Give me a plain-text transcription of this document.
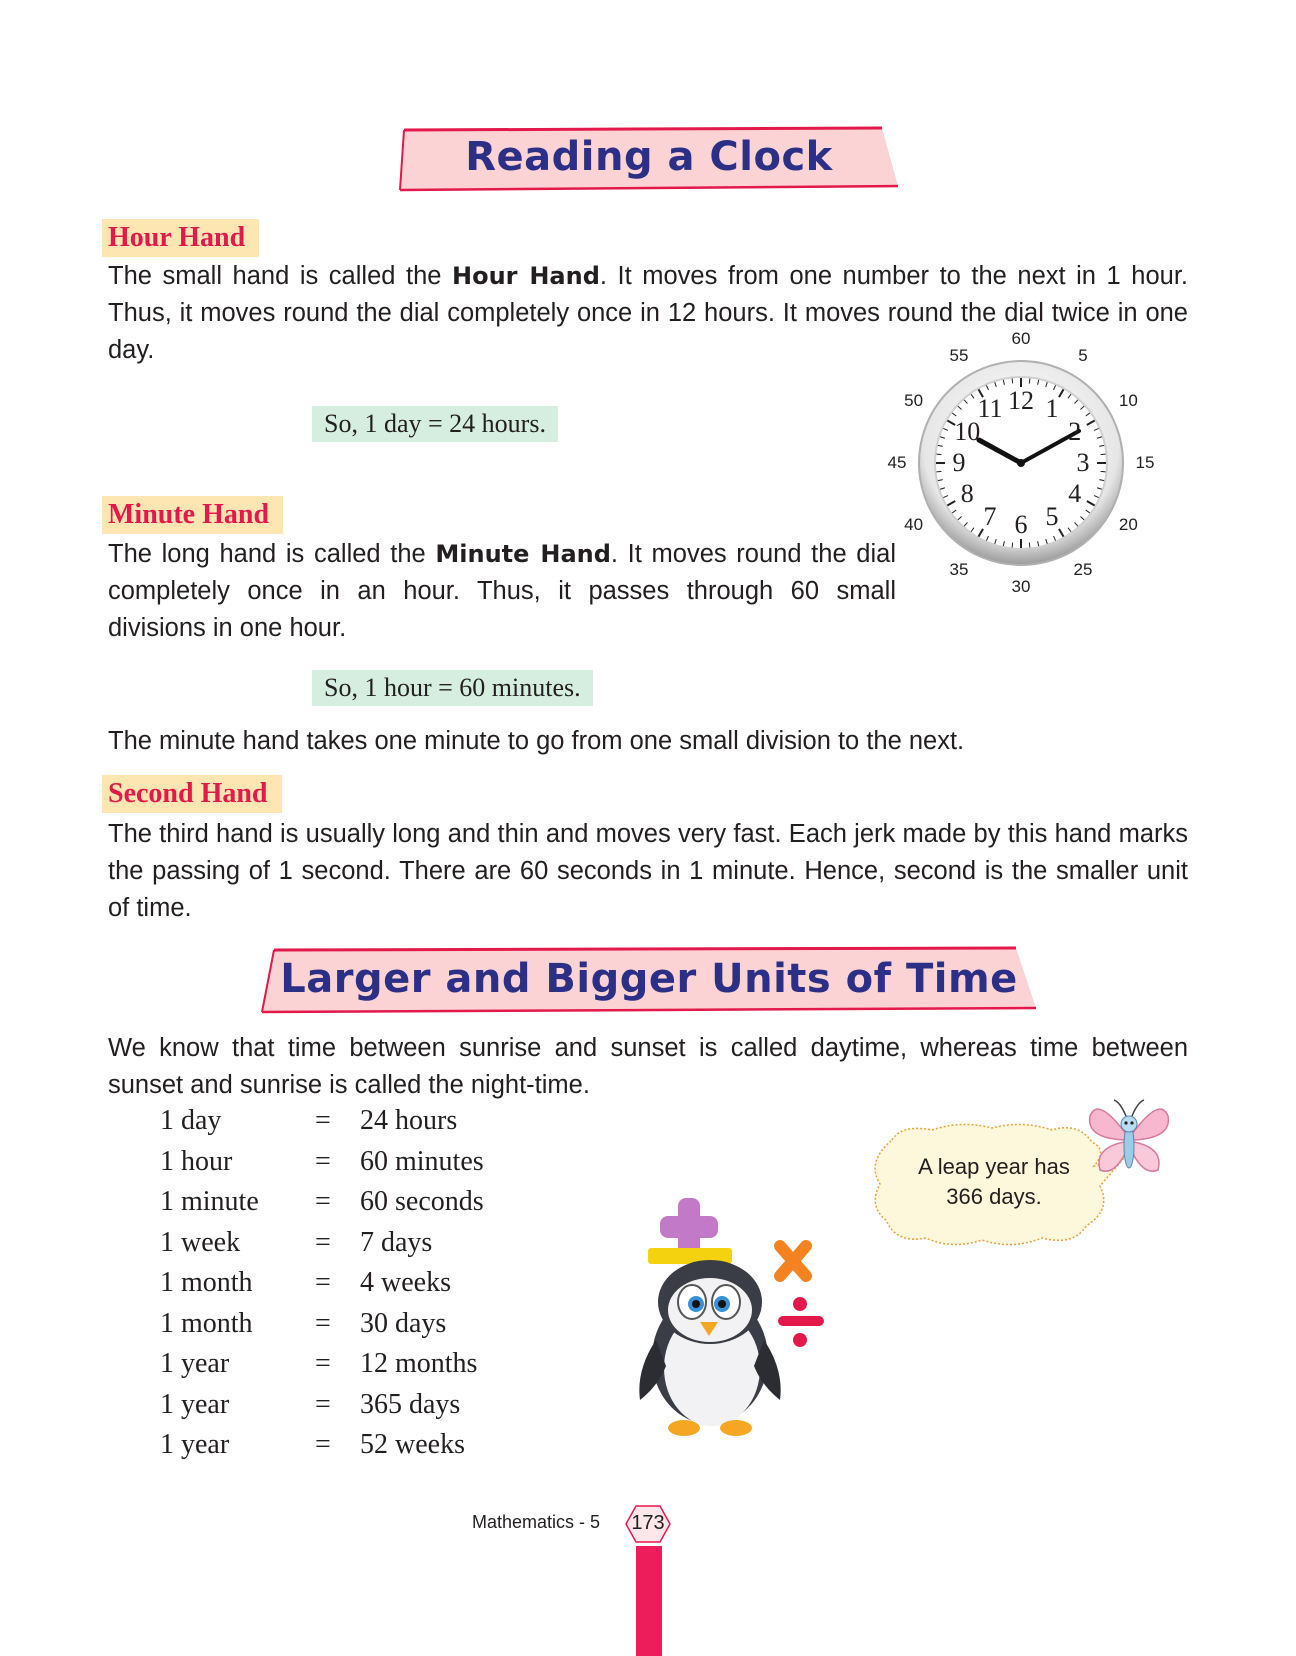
Reading a Clock
Hour Hand
The small hand is called the Hour Hand. It moves from one number to the next in 1 hour. Thus, it moves round the dial completely once in 12 hours. It moves round the dial twice in one day.
So, 1 day = 24 hours.
12 1
2
3
4
5
6
7
8
9
10
11
60
5
10
15
20
25
30
35
40
45
50
55
Minute Hand
The long hand is called the Minute Hand. It moves round the dial completely once in an hour. Thus, it passes through 60 small divisions in one hour.
So, 1 hour = 60 minutes.
The minute hand takes one minute to go from one small division to the next.
Second Hand
The third hand is usually long and thin and moves very fast. Each jerk made by this hand marks the passing of 1 second. There are 60 seconds in 1 minute. Hence, second is the smaller unit of time.
Larger and Bigger Units of Time
We know that time between sunrise and sunset is called daytime, whereas time between sunset and sunrise is called the night-time.
1 day	= 24 hours
1 hour	= 60 minutes
1 minute = 60 seconds
1 week	= 7 days
1 month = 4 weeks
1 month = 30 days
1 year	= 12 months
1 year	= 365 days
1 year	= 52 weeks
A leap year has
366 days.
Mathematics - 5	173
